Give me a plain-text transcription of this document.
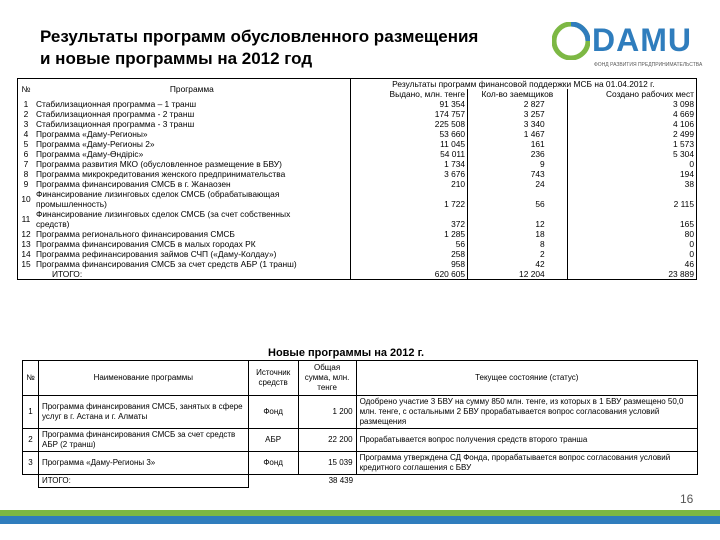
Результаты программ обусловленного размещения
и новые программы на 2012 год
DAMU
ФОНД РАЗВИТИЯ ПРЕДПРИНИМАТЕЛЬСТВА
№	Программа	Результаты программ финансовой поддержки МСБ на 01.04.2012 г.		
		Выдано, млн. тенге	Кол-во заемщиков	Создано рабочих мест
1	Стабилизационная программа – 1 транш	91 354	2 827	3 098
2	Стабилизационная программа - 2 транш	174 757	3 257	4 669
3	Стабилизационная программа - 3 транш	225 508	3 340	4 106
4	Программа «Даму-Регионы»	53 660	1 467	2 499
5	Программа «Даму-Регионы 2»	11 045	161	1 573
6	Программа «Даму-Өндіріс»	54 011	236	5 304
7	Программа развития МКО (обусловленное размещение в БВУ)	1 734	9	0
8	Программа микрокредитования женского предпринимательства	3 676	743	194
9	Программа финансирования СМСБ в г. Жанаозен	210	24	38
10	Финансирование лизинговых сделок СМСБ (обрабатывающая
промышленность)	1 722	56	2 115
11	Финансирование лизинговых сделок СМСБ (за счет собственных
средств)	372	12	165
12	Программа регионального финансирования СМСБ	1 285	18	80
13	Программа финансирования СМСБ в малых городах РК	56	8	0
14	Программа рефинансирования займов СЧП («Даму-Колдау»)	258	2	0
15	Программа финансирования СМСБ за счет средств АБР (1 транш)	958	42	46
	ИТОГО:	620 605	12 204	23 889
Новые программы на 2012 г.
№	Наименование программы	Источник средств	Общая сумма, млн. тенге	Текущее состояние (статус)
1	Программа финансирования СМСБ, занятых в сфере услуг в г. Астана и г. Алматы	Фонд	1 200	Одобрено участие 3 БВУ на сумму 850 млн. тенге, из которых в 1 БВУ размещено 50,0 млн. тенге, с остальными 2 БВУ прорабатывается вопрос согласования условий размещения
2	Программа финансирования СМСБ за счет средств АБР (2 транш)	АБР	22 200	Прорабатывается вопрос получения средств второго транша
3	Программа «Даму-Регионы 3»	Фонд	15 039	Программа утверждена СД Фонда, прорабатывается вопрос согласования условий кредитного соглашения с БВУ
	ИТОГО:		38 439	
16
